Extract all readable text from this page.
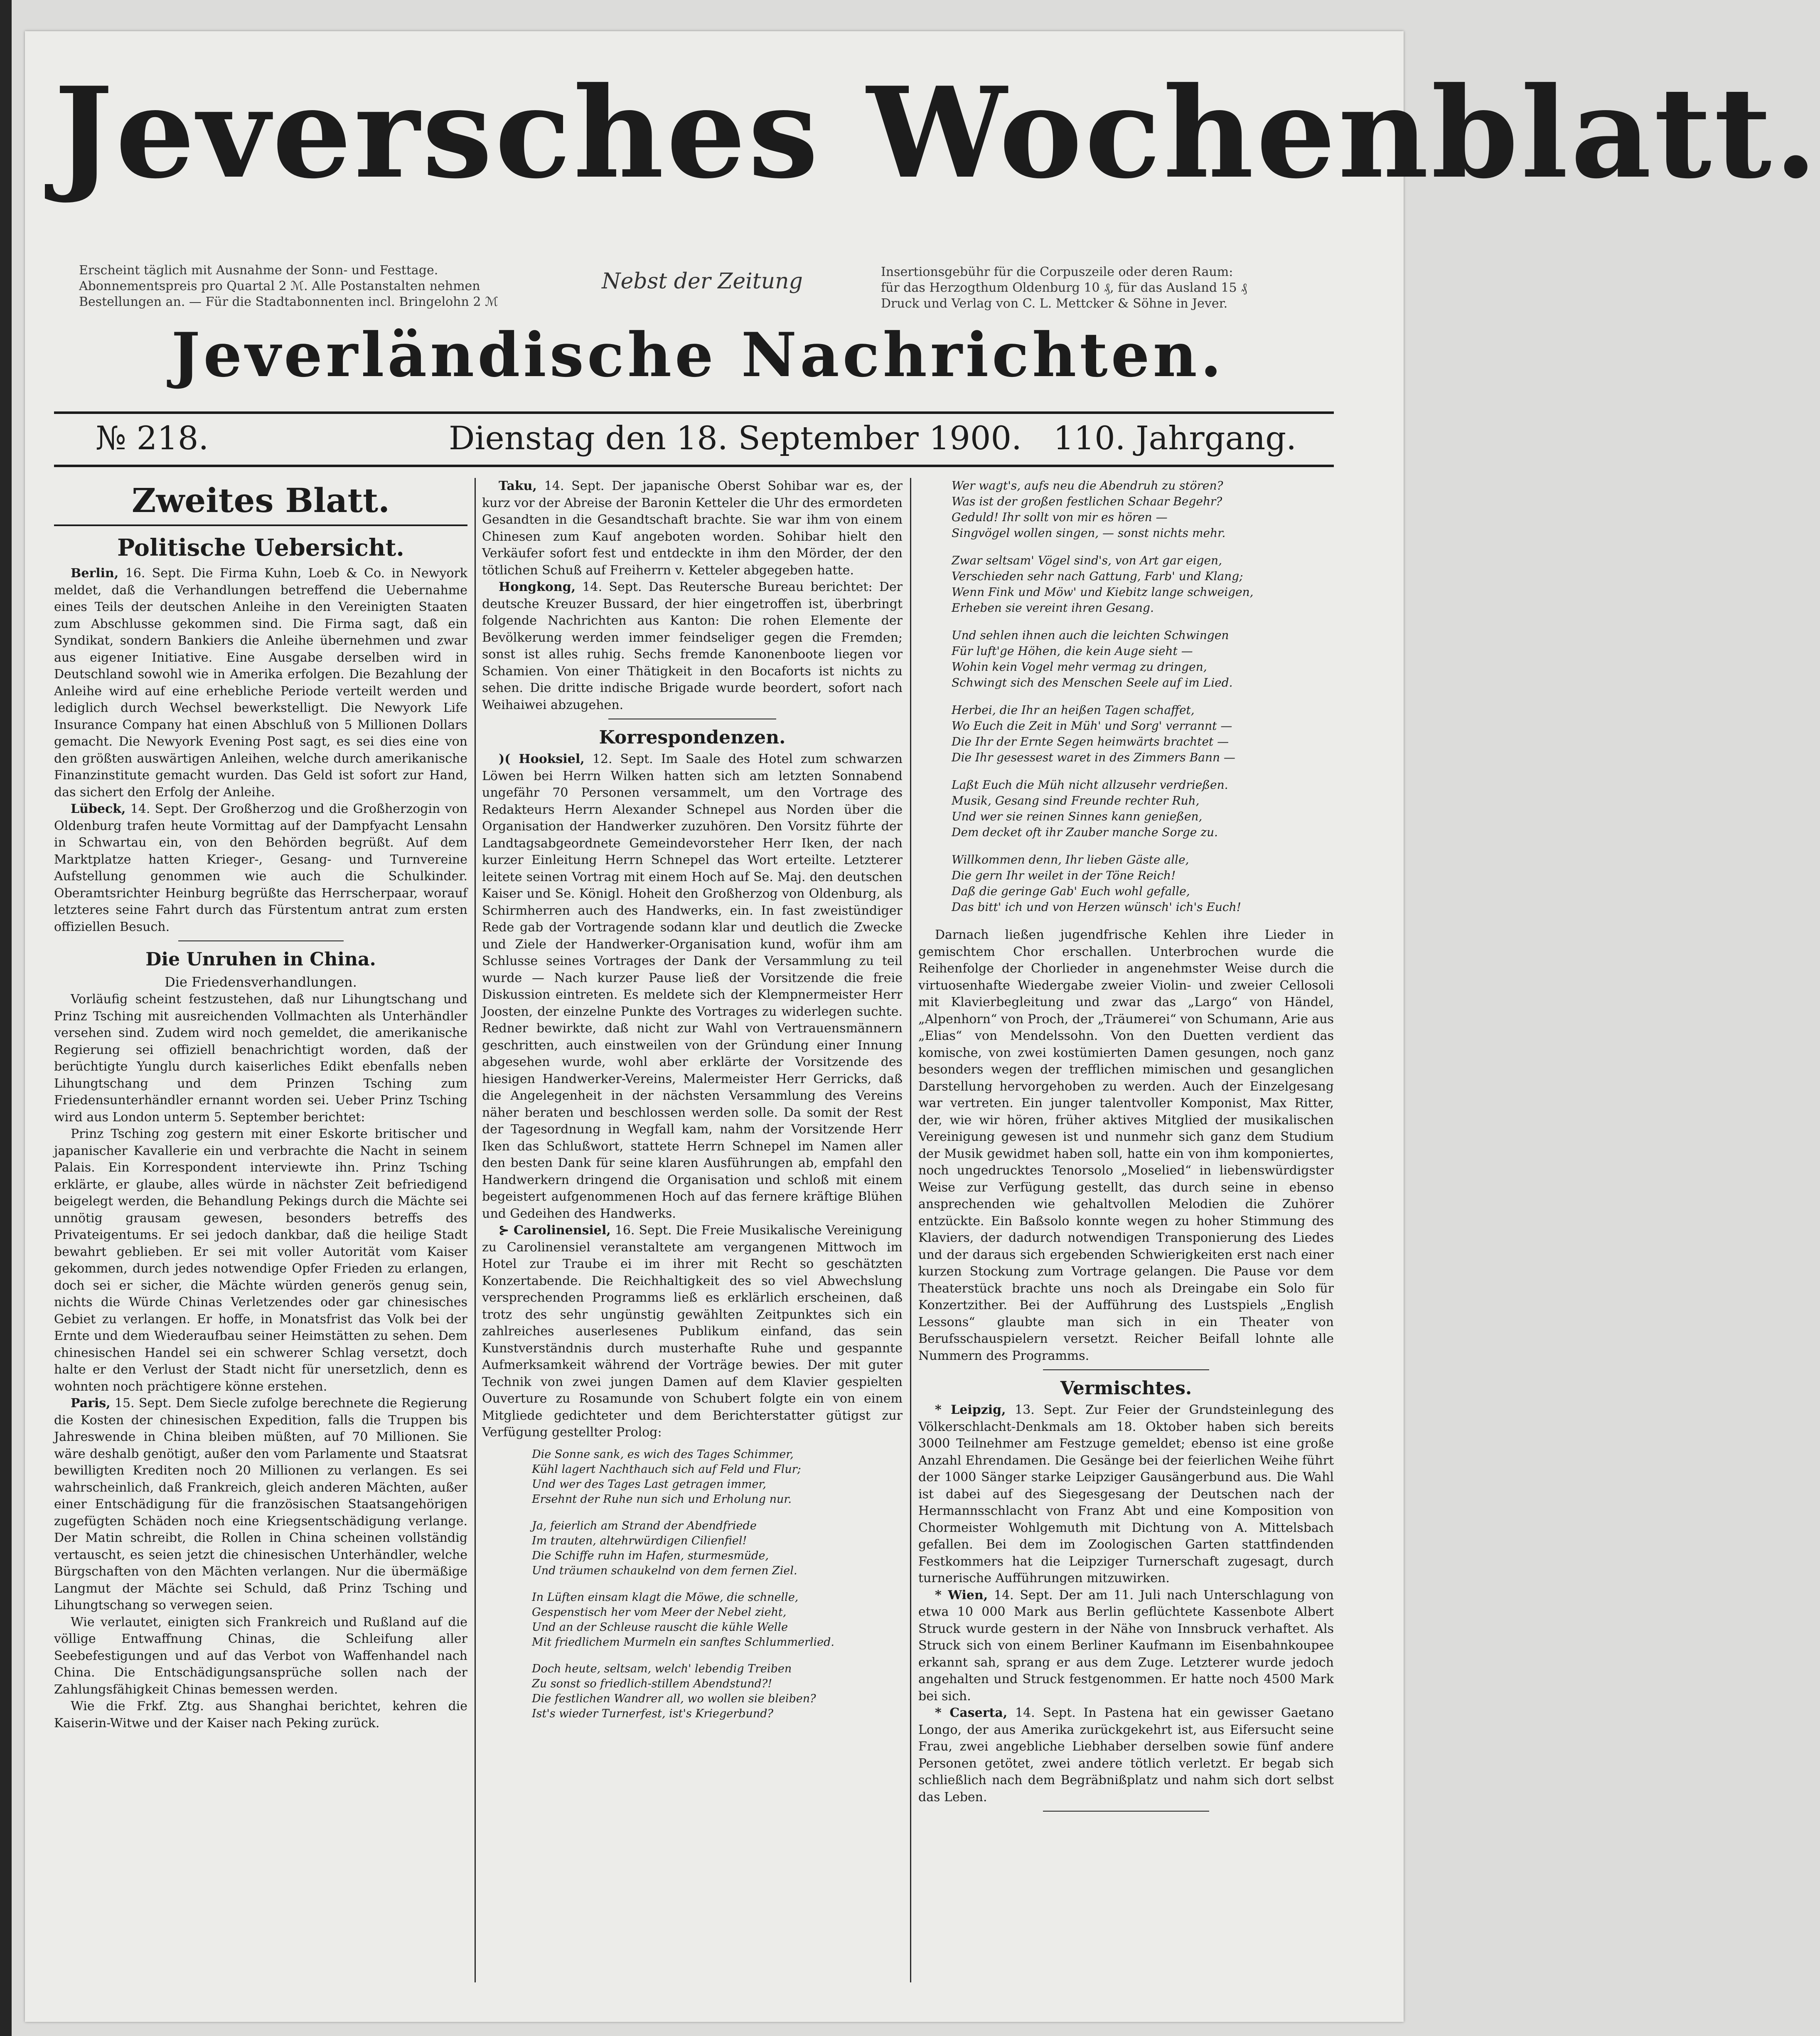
Jeversches Wochenblatt.
Erscheint täglich mit Ausnahme der Sonn- und Festtage.
Abonnementspreis pro Quartal 2 ℳ. Alle Postanstalten nehmen
Bestellungen an. — Für die Stadtabonnenten incl. Bringelohn 2 ℳ
Nebst der Zeitung	Insertionsgebühr für die Corpuszeile oder deren Raum:
für das Herzogthum Oldenburg 10 ₰, für das Ausland 15 ₰
Druck und Verlag von C. L. Mettcker & Söhne in Jever.
Jeverländische Nachrichten.
№ 218.	Dienstag den 18. September 1900. 110. Jahrgang.
Zweites Blatt.
Politische Uebersicht.

Berlin, 16. Sept. Die Firma Kuhn, Loeb & Co. in Newyork meldet, daß die Verhandlungen betreffend die Uebernahme eines Teils der deutschen Anleihe in den Vereinigten Staaten zum Abschlusse gekommen sind. Die Firma sagt, daß ein Syndikat, sondern Bankiers die Anleihe übernehmen und zwar aus eigener Initiative. Eine Ausgabe derselben wird in Deutschland sowohl wie in Amerika erfolgen. Die Bezahlung der Anleihe wird auf eine erhebliche Periode verteilt werden und lediglich durch Wechsel bewerkstelligt. Die Newyork Life Insurance Company hat einen Abschluß von 5 Millionen Dollars gemacht. Die Newyork Evening Post sagt, es sei dies eine von den größten auswärtigen Anleihen, welche durch amerikanische Finanzinstitute gemacht wurden. Das Geld ist sofort zur Hand, das sichert den Erfolg der Anleihe.

Lübeck, 14. Sept. Der Großherzog und die Großherzogin von Oldenburg trafen heute Vormittag auf der Dampfyacht Lensahn in Schwartau ein, von den Behörden begrüßt. Auf dem Marktplatze hatten Krieger-, Gesang- und Turnvereine Aufstellung genommen wie auch die Schulkinder. Oberamtsrichter Heinburg begrüßte das Herrscherpaar, worauf letzteres seine Fahrt durch das Fürstentum antrat zum ersten offiziellen Besuch.

Die Unruhen in China.
Die Friedensverhandlungen.

Vorläufig scheint festzustehen, daß nur Lihungtschang und Prinz Tsching mit ausreichenden Vollmachten als Unterhändler versehen sind. Zudem wird noch gemeldet, die amerikanische Regierung sei offiziell benachrichtigt worden, daß der berüchtigte Yunglu durch kaiserliches Edikt ebenfalls neben Lihungtschang und dem Prinzen Tsching zum Friedensunterhändler ernannt worden sei. Ueber Prinz Tsching wird aus London unterm 5. September berichtet:

Prinz Tsching zog gestern mit einer Eskorte britischer und japanischer Kavallerie ein und verbrachte die Nacht in seinem Palais. Ein Korrespondent interviewte ihn. Prinz Tsching erklärte, er glaube, alles würde in nächster Zeit befriedigend beigelegt werden, die Behandlung Pekings durch die Mächte sei unnötig grausam gewesen, besonders betreffs des Privateigentums. Er sei jedoch dankbar, daß die heilige Stadt bewahrt geblieben. Er sei mit voller Autorität vom Kaiser gekommen, durch jedes notwendige Opfer Frieden zu erlangen, doch sei er sicher, die Mächte würden generös genug sein, nichts die Würde Chinas Verletzendes oder gar chinesisches Gebiet zu verlangen. Er hoffe, in Monatsfrist das Volk bei der Ernte und dem Wiederaufbau seiner Heimstätten zu sehen. Dem chinesischen Handel sei ein schwerer Schlag versetzt, doch halte er den Verlust der Stadt nicht für unersetzlich, denn es wohnten noch prächtigere könne erstehen.

Paris, 15. Sept. Dem Siecle zufolge berechnete die Regierung die Kosten der chinesischen Expedition, falls die Truppen bis Jahreswende in China bleiben müßten, auf 70 Millionen. Sie wäre deshalb genötigt, außer den vom Parlamente und Staatsrat bewilligten Krediten noch 20 Millionen zu verlangen. Es sei wahrscheinlich, daß Frankreich, gleich anderen Mächten, außer einer Entschädigung für die französischen Staatsangehörigen zugefügten Schäden noch eine Kriegsentschädigung verlange. Der Matin schreibt, die Rollen in China scheinen vollständig vertauscht, es seien jetzt die chinesischen Unterhändler, welche Bürgschaften von den Mächten verlangen. Nur die übermäßige Langmut der Mächte sei Schuld, daß Prinz Tsching und Lihungtschang so verwegen seien.

Wie verlautet, einigten sich Frankreich und Rußland auf die völlige Entwaffnung Chinas, die Schleifung aller Seebefestigungen und auf das Verbot von Waffenhandel nach China. Die Entschädigungsansprüche sollen nach der Zahlungsfähigkeit Chinas bemessen werden.

Wie die Frkf. Ztg. aus Shanghai berichtet, kehren die Kaiserin-Witwe und der Kaiser nach Peking zurück.

Taku, 14. Sept. Der japanische Oberst Sohibar war es, der kurz vor der Abreise der Baronin Ketteler die Uhr des ermordeten Gesandten in die Gesandtschaft brachte. Sie war ihm von einem Chinesen zum Kauf angeboten worden. Sohibar hielt den Verkäufer sofort fest und entdeckte in ihm den Mörder, der den tötlichen Schuß auf Freiherrn v. Ketteler abgegeben hatte.

Hongkong, 14. Sept. Das Reutersche Bureau berichtet: Der deutsche Kreuzer Bussard, der hier eingetroffen ist, überbringt folgende Nachrichten aus Kanton: Die rohen Elemente der Bevölkerung werden immer feindseliger gegen die Fremden; sonst ist alles ruhig. Sechs fremde Kanonenboote liegen vor Schamien. Von einer Thätigkeit in den Bocaforts ist nichts zu sehen. Die dritte indische Brigade wurde beordert, sofort nach Weihaiwei abzugehen.

Korrespondenzen.

)( Hooksiel, 12. Sept. Im Saale des Hotel zum schwarzen Löwen bei Herrn Wilken hatten sich am letzten Sonnabend ungefähr 70 Personen versammelt, um den Vortrage des Redakteurs Herrn Alexander Schnepel aus Norden über die Organisation der Handwerker zuzuhören. Den Vorsitz führte der Landtagsabgeordnete Gemeindevorsteher Herr Iken, der nach kurzer Einleitung Herrn Schnepel das Wort erteilte. Letzterer leitete seinen Vortrag mit einem Hoch auf Se. Maj. den deutschen Kaiser und Se. Königl. Hoheit den Großherzog von Oldenburg, als Schirmherren auch des Handwerks, ein. In fast zweistündiger Rede gab der Vortragende sodann klar und deutlich die Zwecke und Ziele der Handwerker-Organisation kund, wofür ihm am Schlusse seines Vortrages der Dank der Versammlung zu teil wurde — Nach kurzer Pause ließ der Vorsitzende die freie Diskussion eintreten. Es meldete sich der Klempnermeister Herr Joosten, der einzelne Punkte des Vortrages zu widerlegen suchte. Redner bewirkte, daß nicht zur Wahl von Vertrauensmännern geschritten, auch einstweilen von der Gründung einer Innung abgesehen wurde, wohl aber erklärte der Vorsitzende des hiesigen Handwerker-Vereins, Malermeister Herr Gerricks, daß die Angelegenheit in der nächsten Versammlung des Vereins näher beraten und beschlossen werden solle. Da somit der Rest der Tagesordnung in Wegfall kam, nahm der Vorsitzende Herr Iken das Schlußwort, stattete Herrn Schnepel im Namen aller den besten Dank für seine klaren Ausführungen ab, empfahl den Handwerkern dringend die Organisation und schloß mit einem begeistert aufgenommenen Hoch auf das fernere kräftige Blühen und Gedeihen des Handwerks.

⊱ Carolinensiel, 16. Sept. Die Freie Musikalische Vereinigung zu Carolinensiel veranstaltete am vergangenen Mittwoch im Hotel zur Traube ei im ihrer mit Recht so geschätzten Konzertabende. Die Reichhaltigkeit des so viel Abwechslung versprechenden Programms ließ es erklärlich erscheinen, daß trotz des sehr ungünstig gewählten Zeitpunktes sich ein zahlreiches auserlesenes Publikum einfand, das sein Kunstverständnis durch musterhafte Ruhe und gespannte Aufmerksamkeit während der Vorträge bewies. Der mit guter Technik von zwei jungen Damen auf dem Klavier gespielten Ouverture zu Rosamunde von Schubert folgte ein von einem Mitgliede gedichteter und dem Berichterstatter gütigst zur Verfügung gestellter Prolog:

Die Sonne sank, es wich des Tages Schimmer,
Kühl lagert Nachthauch sich auf Feld und Flur;
Und wer des Tages Last getragen immer,
Ersehnt der Ruhe nun sich und Erholung nur.
Ja, feierlich am Strand der Abendfriede
Im trauten, altehrwürdigen Cilienfiel!
Die Schiffe ruhn im Hafen, sturmesmüde,
Und träumen schaukelnd von dem fernen Ziel.
In Lüften einsam klagt die Möwe, die schnelle,
Gespenstisch her vom Meer der Nebel zieht,
Und an der Schleuse rauscht die kühle Welle
Mit friedlichem Murmeln ein sanftes Schlummerlied.
Doch heute, seltsam, welch' lebendig Treiben
Zu sonst so friedlich-stillem Abendstund?!
Die festlichen Wandrer all, wo wollen sie bleiben?
Ist's wieder Turnerfest, ist's Kriegerbund?
Wer wagt's, aufs neu die Abendruh zu stören?
Was ist der großen festlichen Schaar Begehr?
Geduld! Ihr sollt von mir es hören —
Singvögel wollen singen, — sonst nichts mehr.
Zwar seltsam' Vögel sind's, von Art gar eigen,
Verschieden sehr nach Gattung, Farb' und Klang;
Wenn Fink und Möw' und Kiebitz lange schweigen,
Erheben sie vereint ihren Gesang.
Und sehlen ihnen auch die leichten Schwingen
Für luft'ge Höhen, die kein Auge sieht —
Wohin kein Vogel mehr vermag zu dringen,
Schwingt sich des Menschen Seele auf im Lied.
Herbei, die Ihr an heißen Tagen schaffet,
Wo Euch die Zeit in Müh' und Sorg' verrannt —
Die Ihr der Ernte Segen heimwärts brachtet —
Die Ihr gesessest waret in des Zimmers Bann —
Laßt Euch die Müh nicht allzusehr verdrießen.
Musik, Gesang sind Freunde rechter Ruh,
Und wer sie reinen Sinnes kann genießen,
Dem decket oft ihr Zauber manche Sorge zu.
Willkommen denn, Ihr lieben Gäste alle,
Die gern Ihr weilet in der Töne Reich!
Daß die geringe Gab' Euch wohl gefalle,
Das bitt' ich und von Herzen wünsch' ich's Euch!

Darnach ließen jugendfrische Kehlen ihre Lieder in gemischtem Chor erschallen. Unterbrochen wurde die Reihenfolge der Chorlieder in angenehmster Weise durch die virtuosenhafte Wiedergabe zweier Violin- und zweier Cellosoli mit Klavierbegleitung und zwar das „Largo“ von Händel, „Alpenhorn“ von Proch, der „Träumerei“ von Schumann, Arie aus „Elias“ von Mendelssohn. Von den Duetten verdient das komische, von zwei kostümierten Damen gesungen, noch ganz besonders wegen der trefflichen mimischen und gesanglichen Darstellung hervorgehoben zu werden. Auch der Einzelgesang war vertreten. Ein junger talentvoller Komponist, Max Ritter, der, wie wir hören, früher aktives Mitglied der musikalischen Vereinigung gewesen ist und nunmehr sich ganz dem Studium der Musik gewidmet haben soll, hatte ein von ihm komponiertes, noch ungedrucktes Tenorsolo „Moselied“ in liebenswürdigster Weise zur Verfügung gestellt, das durch seine in ebenso ansprechenden wie gehaltvollen Melodien die Zuhörer entzückte. Ein Baßsolo konnte wegen zu hoher Stimmung des Klaviers, der dadurch notwendigen Transponierung des Liedes und der daraus sich ergebenden Schwierigkeiten erst nach einer kurzen Stockung zum Vortrage gelangen. Die Pause vor dem Theaterstück brachte uns noch als Dreingabe ein Solo für Konzertzither. Bei der Aufführung des Lustspiels „English Lessons“ glaubte man sich in ein Theater von Berufsschauspielern versetzt. Reicher Beifall lohnte alle Nummern des Programms.

Vermischtes.

* Leipzig, 13. Sept. Zur Feier der Grundsteinlegung des Völkerschlacht-Denkmals am 18. Oktober haben sich bereits 3000 Teilnehmer am Festzuge gemeldet; ebenso ist eine große Anzahl Ehrendamen. Die Gesänge bei der feierlichen Weihe führt der 1000 Sänger starke Leipziger Gausängerbund aus. Die Wahl ist dabei auf des Siegesgesang der Deutschen nach der Hermannsschlacht von Franz Abt und eine Komposition von Chormeister Wohlgemuth mit Dichtung von A. Mittelsbach gefallen. Bei dem im Zoologischen Garten stattfindenden Festkommers hat die Leipziger Turnerschaft zugesagt, durch turnerische Aufführungen mitzuwirken.

* Wien, 14. Sept. Der am 11. Juli nach Unterschlagung von etwa 10 000 Mark aus Berlin geflüchtete Kassenbote Albert Struck wurde gestern in der Nähe von Innsbruck verhaftet. Als Struck sich von einem Berliner Kaufmann im Eisenbahnkoupee erkannt sah, sprang er aus dem Zuge. Letzterer wurde jedoch angehalten und Struck festgenommen. Er hatte noch 4500 Mark bei sich.

* Caserta, 14. Sept. In Pastena hat ein gewisser Gaetano Longo, der aus Amerika zurückgekehrt ist, aus Eifersucht seine Frau, zwei angebliche Liebhaber derselben sowie fünf andere Personen getötet, zwei andere tötlich verletzt. Er begab sich schließlich nach dem Begräbnißplatz und nahm sich dort selbst das Leben.
